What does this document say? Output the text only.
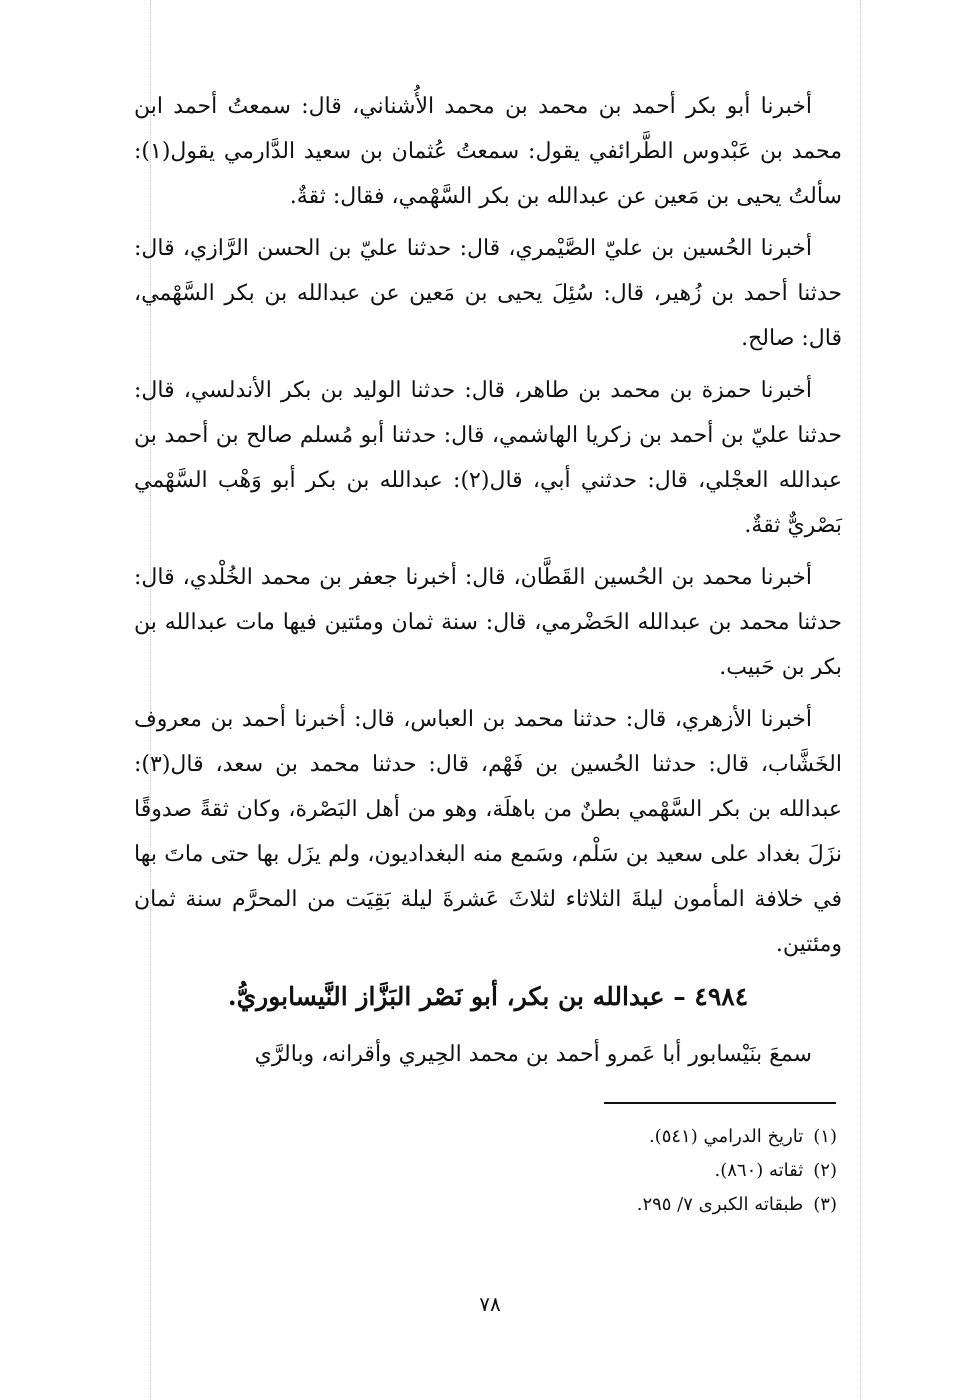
أخبرنا أبو بكر أحمد بن محمد بن محمد الأُشناني، قال: سمعتُ أحمد ابن محمد بن عَبْدوس الطَّرائفي يقول: سمعتُ عُثمان بن سعيد الدَّارمي يقول(١): سألتُ يحيى بن مَعين عن عبدالله بن بكر السَّهْمي، فقال: ثقةٌ.

أخبرنا الحُسين بن عليّ الصَّيْمري، قال: حدثنا عليّ بن الحسن الرَّازي، قال: حدثنا أحمد بن زُهير، قال: سُئِلَ يحيى بن مَعين عن عبدالله بن بكر السَّهْمي، قال: صالح.

أخبرنا حمزة بن محمد بن طاهر، قال: حدثنا الوليد بن بكر الأندلسي، قال: حدثنا عليّ بن أحمد بن زكريا الهاشمي، قال: حدثنا أبو مُسلم صالح بن أحمد بن عبدالله العجْلي، قال: حدثني أبي، قال(٢): عبدالله بن بكر أبو وَهْب السَّهْمي بَصْريٌّ ثقةٌ.

أخبرنا محمد بن الحُسين القَطَّان، قال: أخبرنا جعفر بن محمد الخُلْدي، قال: حدثنا محمد بن عبدالله الحَضْرمي، قال: سنة ثمان ومئتين فيها مات عبدالله بن بكر بن حَبيب.

أخبرنا الأزهري، قال: حدثنا محمد بن العباس، قال: أخبرنا أحمد بن معروف الخَشَّاب، قال: حدثنا الحُسين بن فَهْم، قال: حدثنا محمد بن سعد، قال(٣): عبدالله بن بكر السَّهْمي بطنٌ من باهلَة، وهو من أهل البَصْرة، وكان ثقةً صدوقًا نزَلَ بغداد على سعيد بن سَلْم، وسَمع منه البغداديون، ولم يزَل بها حتى ماتَ بها في خلافة المأمون ليلةَ الثلاثاء لثلاثَ عَشرةَ ليلة بَقِيَت من المحرَّم سنة ثمان ومئتين.

٤٩٨٤ – عبدالله بن بكر، أبو نَصْر البَزَّاز النَّيسابوريُّ.

سمعَ بنَيْسابور أبا عَمرو أحمد بن محمد الحِيري وأقرانه، وبالرَّي

(١)تاريخ الدرامي (٥٤١).
(٢)ثقاته (٨٦٠).
(٣)طبقاته الكبرى ٧/ ٢٩٥.
٧٨
